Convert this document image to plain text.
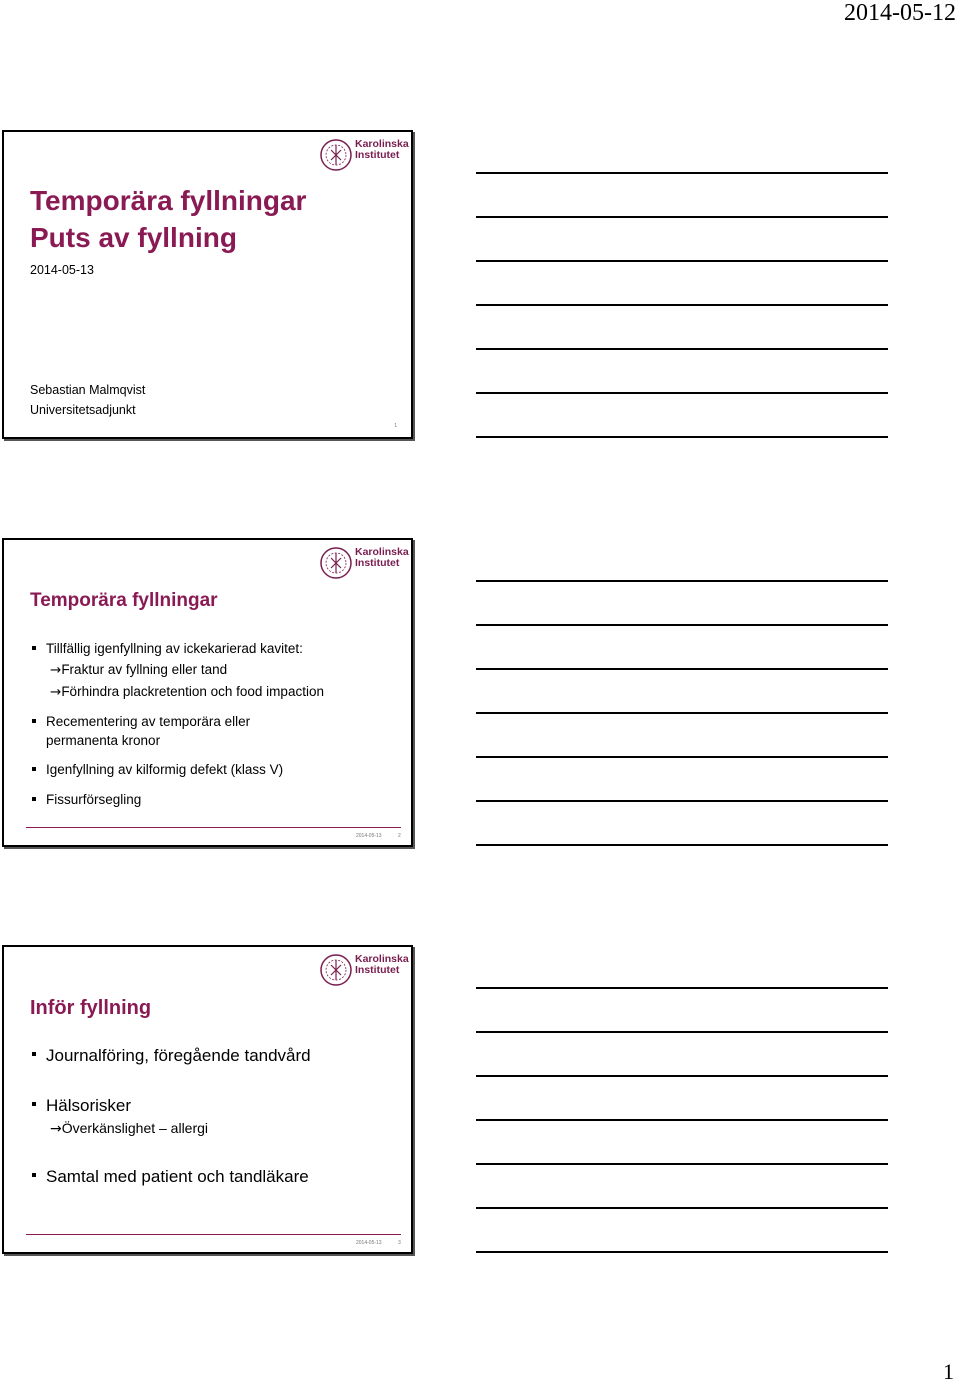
2014-05-12
Karolinska
Institutet
Temporära fyllningar
Puts av fyllning
2014-05-13
Sebastian Malmqvist
Universitetsadjunkt
1
Karolinska
Institutet
Temporära fyllningar
Tillfällig igenfyllning av ickekarierad kavitet:
→Fraktur av fyllning eller tand
→Förhindra plackretention och food impaction
Recementering av temporära eller
permanenta kronor
Igenfyllning av kilformig defekt (klass V)
Fissurförsegling
2014-05-13	2
Karolinska
Institutet
Inför fyllning
Journalföring, föregående tandvård
Hälsorisker
→Överkänslighet – allergi
Samtal med patient och tandläkare
2014-05-13	3
1
